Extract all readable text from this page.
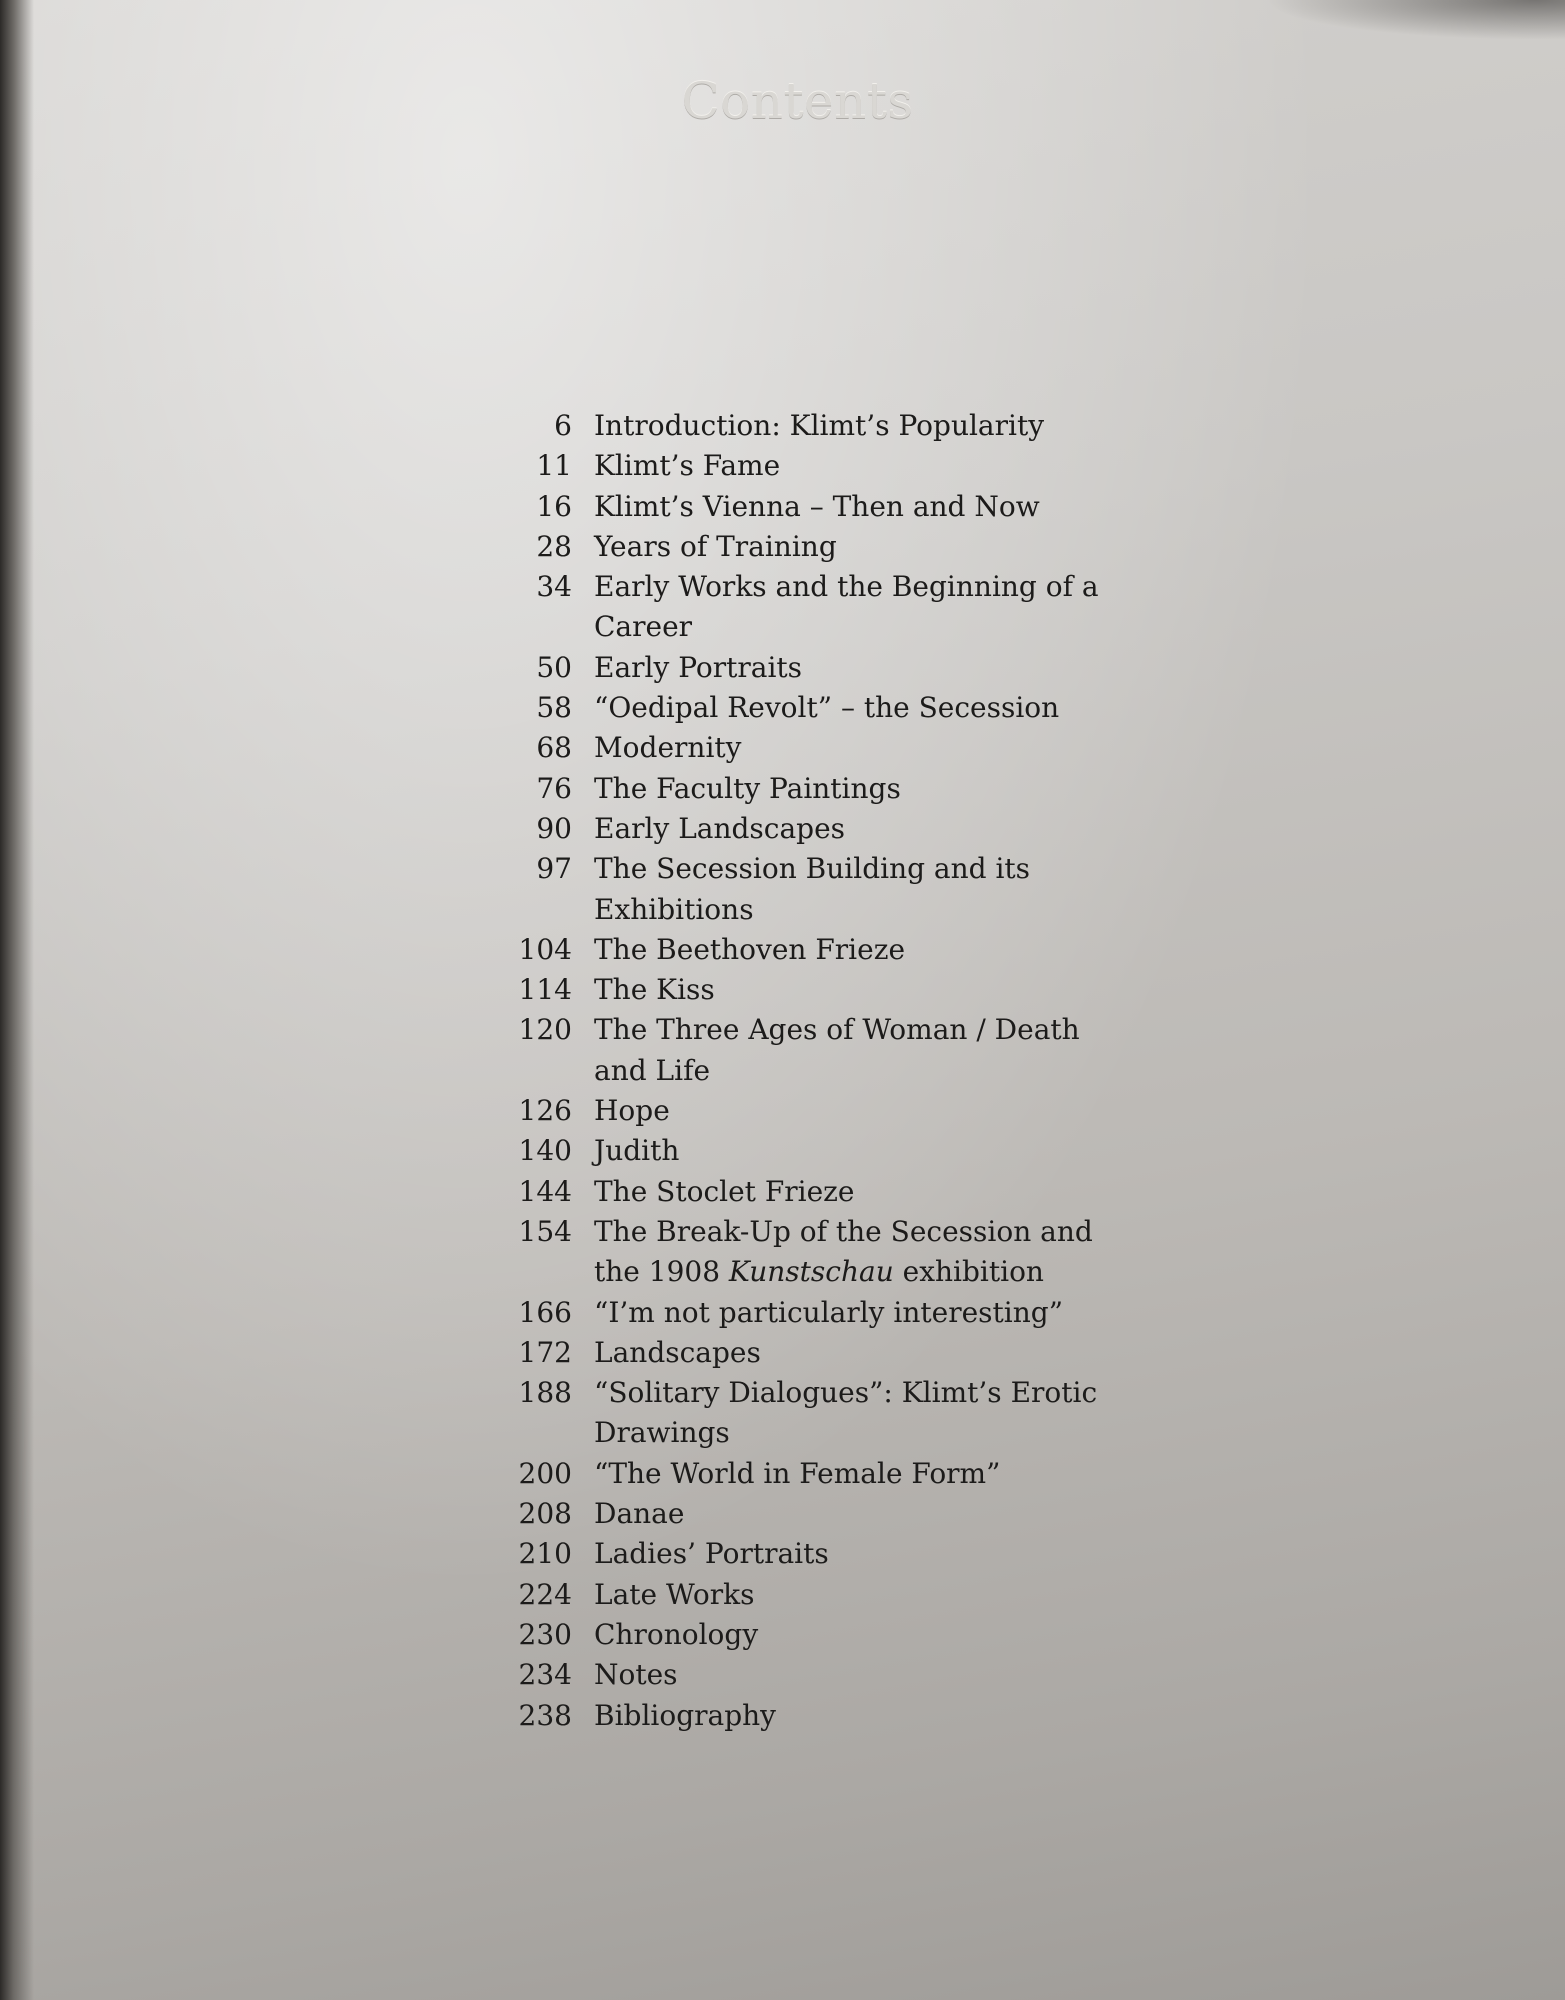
Contents
6 Introduction: Klimt’s Popularity
11 Klimt’s Fame
16 Klimt’s Vienna – Then and Now
28 Years of Training
34 Early Works and the Beginning of a Career
50 Early Portraits
58 “Oedipal Revolt” – the Secession
68 Modernity
76 The Faculty Paintings
90 Early Landscapes
97 The Secession Building and its Exhibitions
104 The Beethoven Frieze
114 The Kiss
120 The Three Ages of Woman / Death and Life
126 Hope
140 Judith
144 The Stoclet Frieze
154 The Break-Up of the Secession and the 1908 Kunstschau exhibition
166 “I’m not particularly interesting”
172 Landscapes
188 “Solitary Dialogues”: Klimt’s Erotic Drawings
200 “The World in Female Form”
208 Danae
210 Ladies’ Portraits
224 Late Works
230 Chronology
234 Notes
238 Bibliography
